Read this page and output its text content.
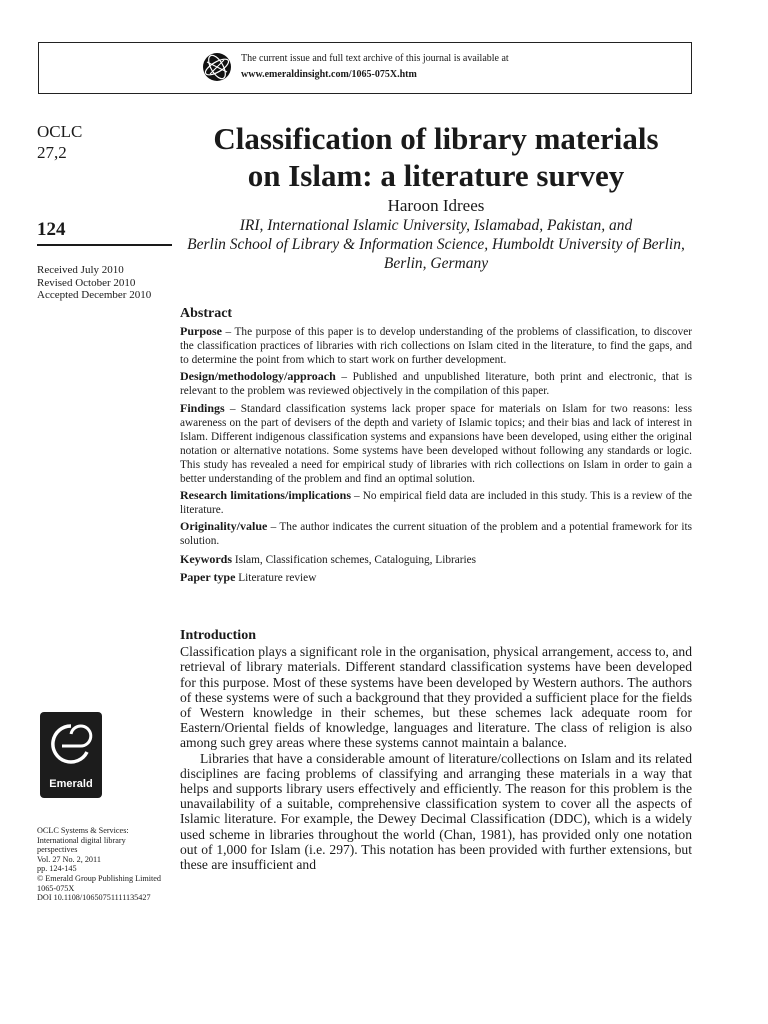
The current issue and full text archive of this journal is available at
www.emeraldinsight.com/1065-075X.htm
OCLC
27,2
124
Received July 2010
Revised October 2010
Accepted December 2010
Classification of library materials
on Islam: a literature survey
Haroon Idrees
IRI, International Islamic University, Islamabad, Pakistan, and
Berlin School of Library & Information Science, Humboldt University of Berlin,
Berlin, Germany
Abstract

Purpose – The purpose of this paper is to develop understanding of the problems of classification, to discover the classification practices of libraries with rich collections on Islam cited in the literature, to find the gaps, and to determine the point from which to start work on further development.

Design/methodology/approach – Published and unpublished literature, both print and electronic, that is relevant to the problem was reviewed objectively in the compilation of this paper.

Findings – Standard classification systems lack proper space for materials on Islam for two reasons: less awareness on the part of devisers of the depth and variety of Islamic topics; and their bias and lack of interest in Islam. Different indigenous classification systems and expansions have been developed, using either the original notation or alternative notations. Some systems have been developed without following any standards or logic. This study has revealed a need for empirical study of libraries with rich collections on Islam in order to gain a better understanding of the problem and find an optimal solution.

Research limitations/implications – No empirical field data are included in this study. This is a review of the literature.

Originality/value – The author indicates the current situation of the problem and a potential framework for its solution.

Keywords Islam, Classification schemes, Cataloguing, Libraries

Paper type Literature review

Introduction

Classification plays a significant role in the organisation, physical arrangement, access to, and retrieval of library materials. Different standard classification systems have been developed for this purpose. Most of these systems have been developed by Western authors. The authors of these systems were of such a background that they provided a sufficient place for the fields of Western knowledge in their schemes, but these schemes lack adequate room for Eastern/Oriental fields of knowledge, languages and literature. The class of religion is also among such grey areas where these systems cannot maintain a balance.

Libraries that have a considerable amount of literature/collections on Islam and its related disciplines are facing problems of classifying and arranging these materials in a way that helps and supports library users effectively and efficiently. The reason for this problem is the unavailability of a suitable, comprehensive classification system to cover all the aspects of Islamic literature. For example, the Dewey Decimal Classification (DDC), which is a widely used scheme in libraries throughout the world (Chan, 1981), has provided only one notation out of 1,000 for Islam (i.e. 297). This notation has been provided with further extensions, but these are insufficient and

Emerald
OCLC Systems & Services:
International digital library
perspectives
Vol. 27 No. 2, 2011
pp. 124-145
© Emerald Group Publishing Limited
1065-075X
DOI 10.1108/10650751111135427
